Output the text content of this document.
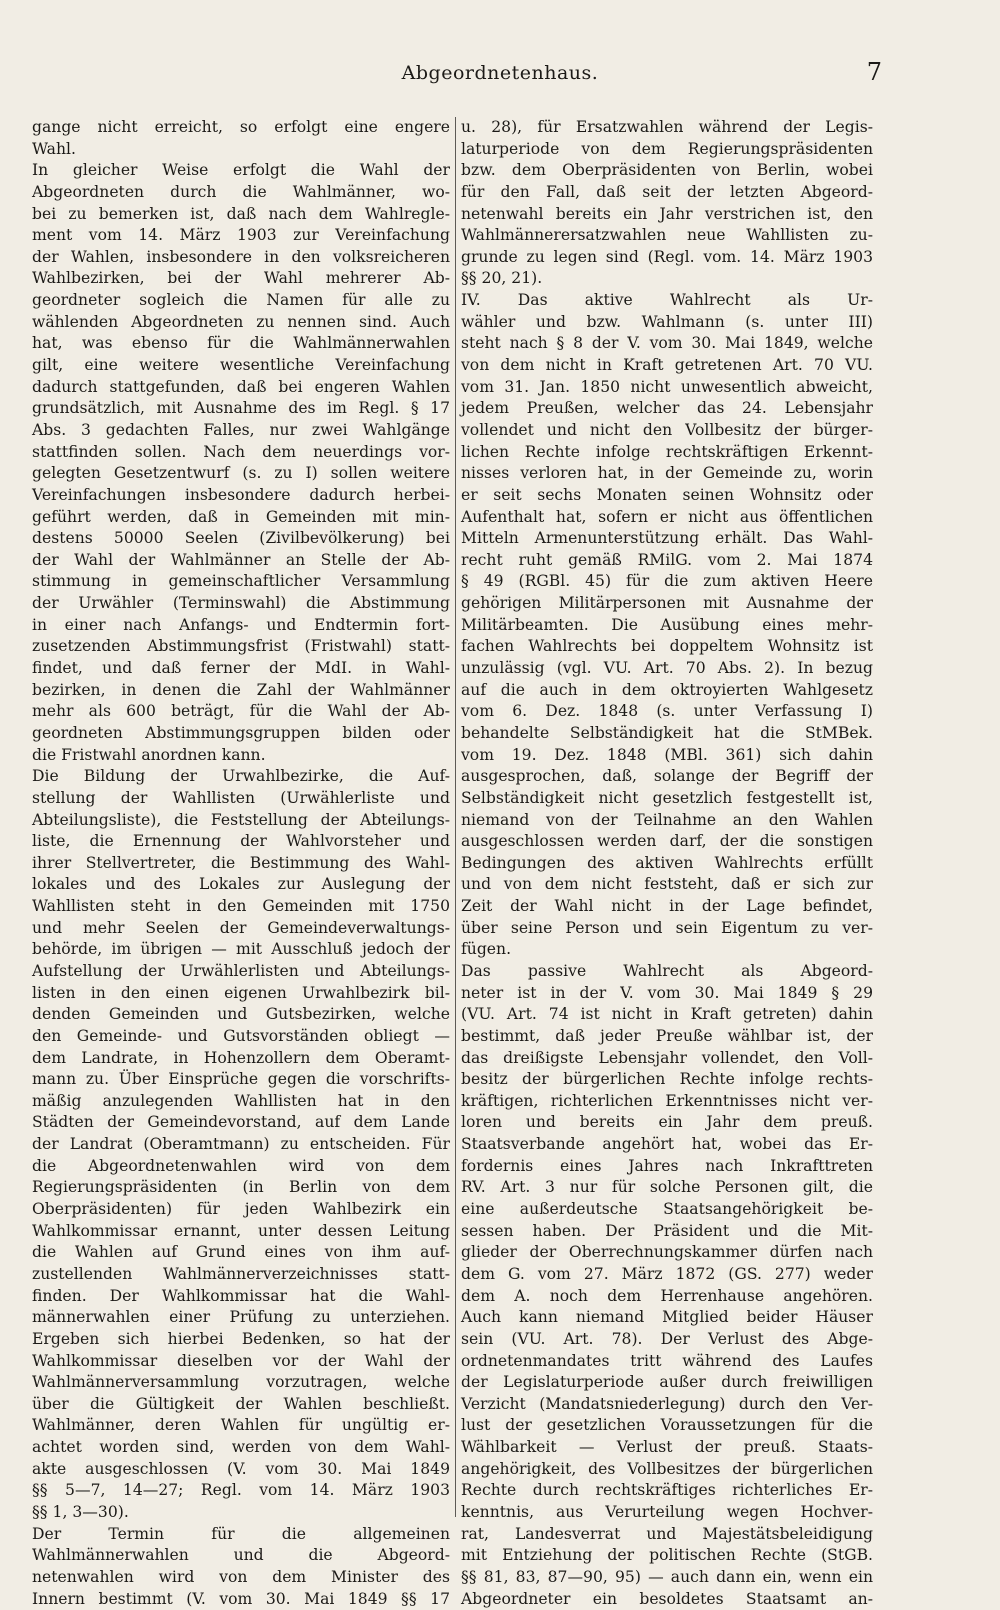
Abgeordnetenhaus.	7
gange nicht erreicht, so erfolgt eine engere
Wahl.
In gleicher Weise erfolgt die Wahl der
Abgeordneten durch die Wahlmänner, wo-
bei zu bemerken ist, daß nach dem Wahlregle-
ment vom 14. März 1903 zur Vereinfachung
der Wahlen, insbesondere in den volksreicheren
Wahlbezirken, bei der Wahl mehrerer Ab-
geordneter sogleich die Namen für alle zu
wählenden Abgeordneten zu nennen sind. Auch
hat, was ebenso für die Wahlmännerwahlen
gilt, eine weitere wesentliche Vereinfachung
dadurch stattgefunden, daß bei engeren Wahlen
grundsätzlich, mit Ausnahme des im Regl. § 17
Abs. 3 gedachten Falles, nur zwei Wahlgänge
stattfinden sollen. Nach dem neuerdings vor-
gelegten Gesetzentwurf (s. zu I) sollen weitere
Vereinfachungen insbesondere dadurch herbei-
geführt werden, daß in Gemeinden mit min-
destens 50000 Seelen (Zivilbevölkerung) bei
der Wahl der Wahlmänner an Stelle der Ab-
stimmung in gemeinschaftlicher Versammlung
der Urwähler (Terminswahl) die Abstimmung
in einer nach Anfangs- und Endtermin fort-
zusetzenden Abstimmungsfrist (Fristwahl) statt-
findet, und daß ferner der MdI. in Wahl-
bezirken, in denen die Zahl der Wahlmänner
mehr als 600 beträgt, für die Wahl der Ab-
geordneten Abstimmungsgruppen bilden oder
die Fristwahl anordnen kann.
Die Bildung der Urwahlbezirke, die Auf-
stellung der Wahllisten (Urwählerliste und
Abteilungsliste), die Feststellung der Abteilungs-
liste, die Ernennung der Wahlvorsteher und
ihrer Stellvertreter, die Bestimmung des Wahl-
lokales und des Lokales zur Auslegung der
Wahllisten steht in den Gemeinden mit 1750
und mehr Seelen der Gemeindeverwaltungs-
behörde, im übrigen — mit Ausschluß jedoch der
Aufstellung der Urwählerlisten und Abteilungs-
listen in den einen eigenen Urwahlbezirk bil-
denden Gemeinden und Gutsbezirken, welche
den Gemeinde- und Gutsvorständen obliegt —
dem Landrate, in Hohenzollern dem Oberamt-
mann zu. Über Einsprüche gegen die vorschrifts-
mäßig anzulegenden Wahllisten hat in den
Städten der Gemeindevorstand, auf dem Lande
der Landrat (Oberamtmann) zu entscheiden. Für
die Abgeordnetenwahlen wird von dem
Regierungspräsidenten (in Berlin von dem
Oberpräsidenten) für jeden Wahlbezirk ein
Wahlkommissar ernannt, unter dessen Leitung
die Wahlen auf Grund eines von ihm auf-
zustellenden Wahlmännerverzeichnisses statt-
finden. Der Wahlkommissar hat die Wahl-
männerwahlen einer Prüfung zu unterziehen.
Ergeben sich hierbei Bedenken, so hat der
Wahlkommissar dieselben vor der Wahl der
Wahlmännerversammlung vorzutragen, welche
über die Gültigkeit der Wahlen beschließt.
Wahlmänner, deren Wahlen für ungültig er-
achtet worden sind, werden von dem Wahl-
akte ausgeschlossen (V. vom 30. Mai 1849
§§ 5—7, 14—27; Regl. vom 14. März 1903
§§ 1, 3—30).
Der Termin für die allgemeinen
Wahlmännerwahlen und die Abgeord-
netenwahlen wird von dem Minister des
Innern bestimmt (V. vom 30. Mai 1849 §§ 17
u. 28), für Ersatzwahlen während der Legis-
laturperiode von dem Regierungspräsidenten
bzw. dem Oberpräsidenten von Berlin, wobei
für den Fall, daß seit der letzten Abgeord-
netenwahl bereits ein Jahr verstrichen ist, den
Wahlmännerersatzwahlen neue Wahllisten zu-
grunde zu legen sind (Regl. vom. 14. März 1903
§§ 20, 21).
IV. Das aktive Wahlrecht als Ur-
wähler und bzw. Wahlmann (s. unter III)
steht nach § 8 der V. vom 30. Mai 1849, welche
von dem nicht in Kraft getretenen Art. 70 VU.
vom 31. Jan. 1850 nicht unwesentlich abweicht,
jedem Preußen, welcher das 24. Lebensjahr
vollendet und nicht den Vollbesitz der bürger-
lichen Rechte infolge rechtskräftigen Erkennt-
nisses verloren hat, in der Gemeinde zu, worin
er seit sechs Monaten seinen Wohnsitz oder
Aufenthalt hat, sofern er nicht aus öffentlichen
Mitteln Armenunterstützung erhält. Das Wahl-
recht ruht gemäß RMilG. vom 2. Mai 1874
§ 49 (RGBl. 45) für die zum aktiven Heere
gehörigen Militärpersonen mit Ausnahme der
Militärbeamten. Die Ausübung eines mehr-
fachen Wahlrechts bei doppeltem Wohnsitz ist
unzulässig (vgl. VU. Art. 70 Abs. 2). In bezug
auf die auch in dem oktroyierten Wahlgesetz
vom 6. Dez. 1848 (s. unter Verfassung I)
behandelte Selbständigkeit hat die StMBek.
vom 19. Dez. 1848 (MBl. 361) sich dahin
ausgesprochen, daß, solange der Begriff der
Selbständigkeit nicht gesetzlich festgestellt ist,
niemand von der Teilnahme an den Wahlen
ausgeschlossen werden darf, der die sonstigen
Bedingungen des aktiven Wahlrechts erfüllt
und von dem nicht feststeht, daß er sich zur
Zeit der Wahl nicht in der Lage befindet,
über seine Person und sein Eigentum zu ver-
fügen.
Das passive Wahlrecht als Abgeord-
neter ist in der V. vom 30. Mai 1849 § 29
(VU. Art. 74 ist nicht in Kraft getreten) dahin
bestimmt, daß jeder Preuße wählbar ist, der
das dreißigste Lebensjahr vollendet, den Voll-
besitz der bürgerlichen Rechte infolge rechts-
kräftigen, richterlichen Erkenntnisses nicht ver-
loren und bereits ein Jahr dem preuß.
Staatsverbande angehört hat, wobei das Er-
fordernis eines Jahres nach Inkrafttreten
RV. Art. 3 nur für solche Personen gilt, die
eine außerdeutsche Staatsangehörigkeit be-
sessen haben. Der Präsident und die Mit-
glieder der Oberrechnungskammer dürfen nach
dem G. vom 27. März 1872 (GS. 277) weder
dem A. noch dem Herrenhause angehören.
Auch kann niemand Mitglied beider Häuser
sein (VU. Art. 78). Der Verlust des Abge-
ordnetenmandates tritt während des Laufes
der Legislaturperiode außer durch freiwilligen
Verzicht (Mandatsniederlegung) durch den Ver-
lust der gesetzlichen Voraussetzungen für die
Wählbarkeit — Verlust der preuß. Staats-
angehörigkeit, des Vollbesitzes der bürgerlichen
Rechte durch rechtskräftiges richterliches Er-
kenntnis, aus Verurteilung wegen Hochver-
rat, Landesverrat und Majestätsbeleidigung
mit Entziehung der politischen Rechte (StGB.
§§ 81, 83, 87—90, 95) — auch dann ein, wenn ein
Abgeordneter ein besoldetes Staatsamt an-
